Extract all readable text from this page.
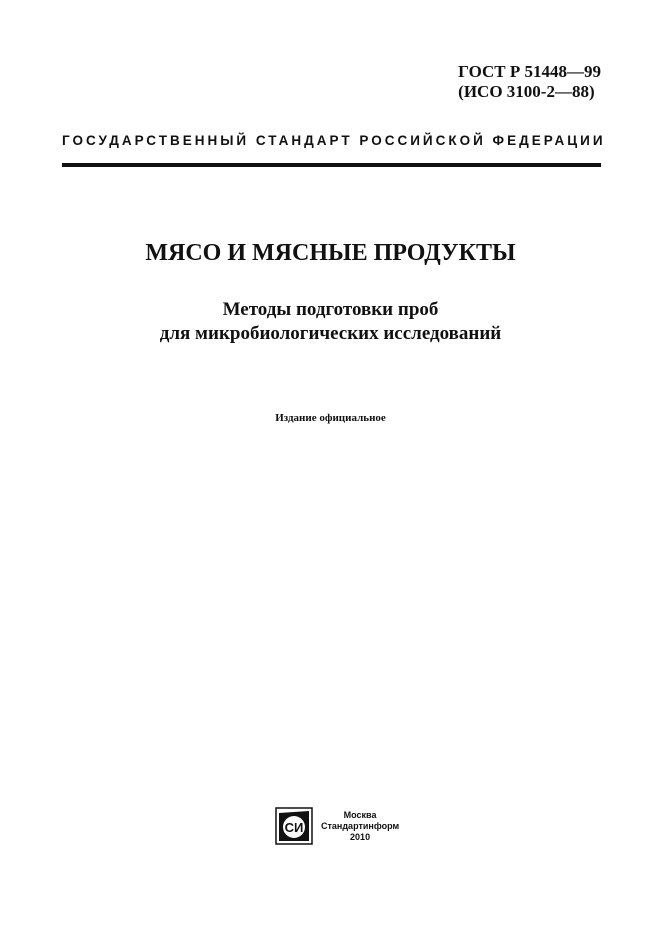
ГОСТ Р 51448—99
(ИСО 3100-2—88)
ГОСУДАРСТВЕННЫЙ СТАНДАРТ РОССИЙСКОЙ ФЕДЕРАЦИИ
МЯСО И МЯСНЫЕ ПРОДУКТЫ
Методы подготовки проб
для микробиологических исследований
Издание официальное
СИ
Москва
Стандартинформ
2010
